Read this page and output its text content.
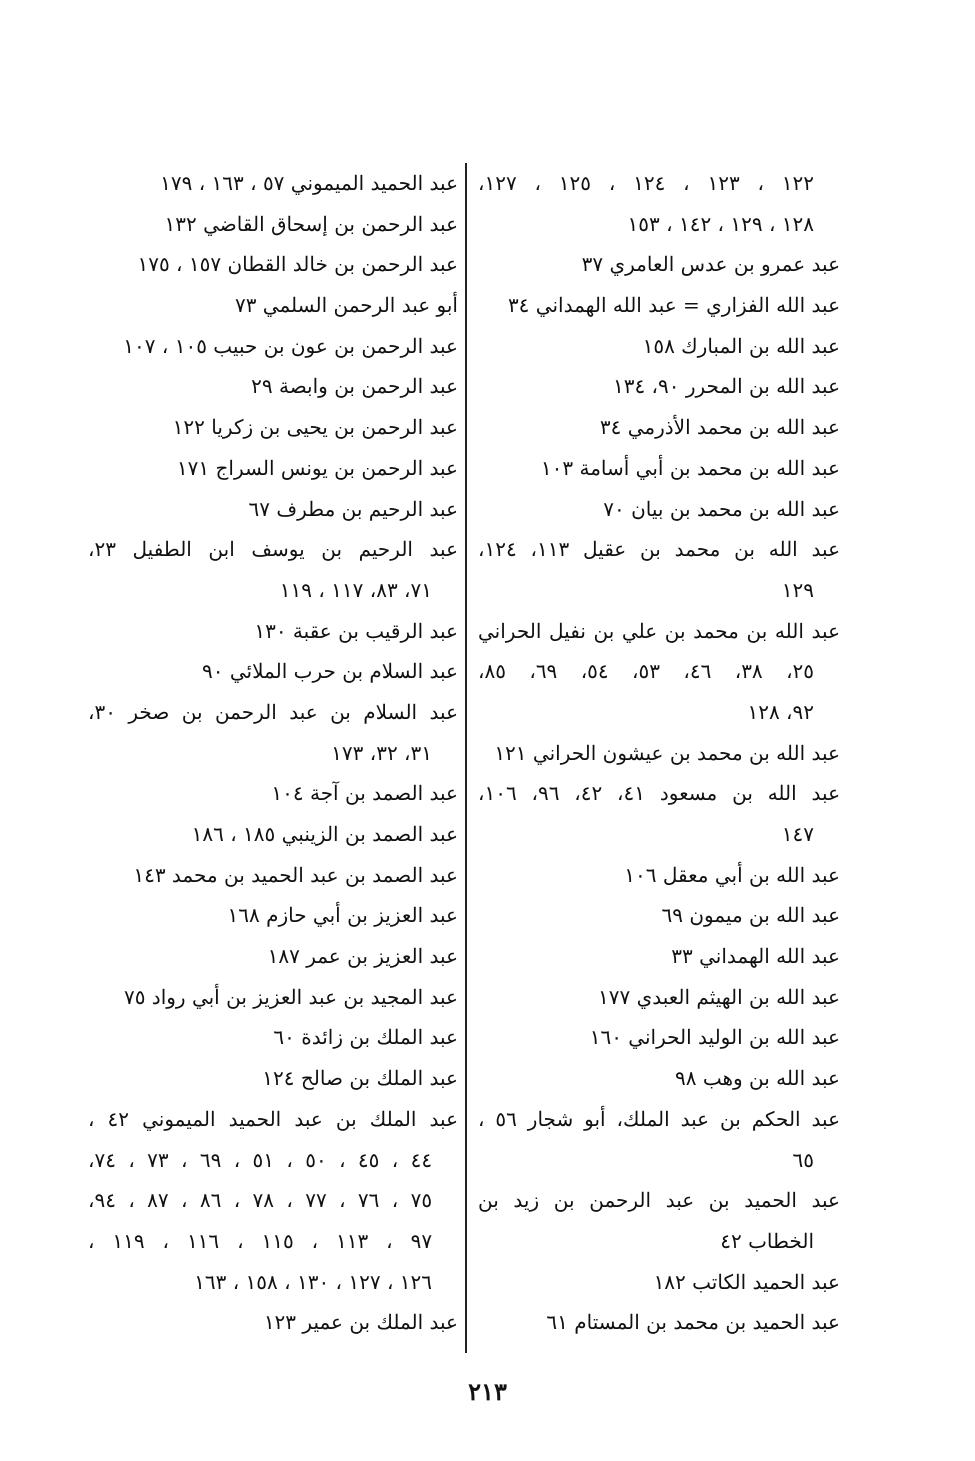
١٢٢ ، ١٢٣ ، ١٢٤ ، ١٢٥ ، ١٢٧،
١٢٨ ، ١٢٩ ، ١٤٢ ، ١٥٣
عبد عمرو بن عدس العامري ٣٧
عبد الله الفزاري = عبد الله الهمداني ٣٤
عبد الله بن المبارك ١٥٨
عبد الله بن المحرر ٩٠، ١٣٤
عبد الله بن محمد الأذرمي ٣٤
عبد الله بن محمد بن أبي أسامة ١٠٣
عبد الله بن محمد بن بيان ٧٠
عبد الله بن محمد بن عقيل ١١٣، ١٢٤،
١٢٩
عبد الله بن محمد بن علي بن نفيل الحراني
٢٥، ٣٨، ٤٦، ٥٣، ٥٤، ٦٩، ٨٥،
٩٢، ١٢٨
عبد الله بن محمد بن عيشون الحراني ١٢١
عبد الله بن مسعود ٤١، ٤٢، ٩٦، ١٠٦،
١٤٧
عبد الله بن أبي معقل ١٠٦
عبد الله بن ميمون ٦٩
عبد الله الهمداني ٣٣
عبد الله بن الهيثم العبدي ١٧٧
عبد الله بن الوليد الحراني ١٦٠
عبد الله بن وهب ٩٨
عبد الحكم بن عبد الملك، أبو شجار ٥٦ ،
٦٥
عبد الحميد بن عبد الرحمن بن زيد بن
الخطاب ٤٢
عبد الحميد الكاتب ١٨٢
عبد الحميد بن محمد بن المستام ٦١
عبد الحميد الميموني ٥٧ ، ١٦٣ ، ١٧٩
عبد الرحمن بن إسحاق القاضي ١٣٢
عبد الرحمن بن خالد القطان ١٥٧ ، ١٧٥
أبو عبد الرحمن السلمي ٧٣
عبد الرحمن بن عون بن حبيب ١٠٥ ، ١٠٧
عبد الرحمن بن وابصة ٢٩
عبد الرحمن بن يحيى بن زكريا ١٢٢
عبد الرحمن بن يونس السراج ١٧١
عبد الرحيم بن مطرف ٦٧
عبد الرحيم بن يوسف ابن الطفيل ٢٣،
٧١، ٨٣، ١١٧ ، ١١٩
عبد الرقيب بن عقبة ١٣٠
عبد السلام بن حرب الملائي ٩٠
عبد السلام بن عبد الرحمن بن صخر ٣٠،
٣١، ٣٢، ١٧٣
عبد الصمد بن آجة ١٠٤
عبد الصمد بن الزينبي ١٨٥ ، ١٨٦
عبد الصمد بن عبد الحميد بن محمد ١٤٣
عبد العزيز بن أبي حازم ١٦٨
عبد العزيز بن عمر ١٨٧
عبد المجيد بن عبد العزيز بن أبي رواد ٧٥
عبد الملك بن زائدة ٦٠
عبد الملك بن صالح ١٢٤
عبد الملك بن عبد الحميد الميموني ٤٢ ،
٤٤ ، ٤٥ ، ٥٠ ، ٥١ ، ٦٩ ، ٧٣ ، ٧٤،
٧٥ ، ٧٦ ، ٧٧ ، ٧٨ ، ٨٦ ، ٨٧ ، ٩٤،
٩٧ ، ١١٣ ، ١١٥ ، ١١٦ ، ١١٩ ،
١٢٦ ، ١٢٧ ، ١٣٠ ، ١٥٨ ، ١٦٣
عبد الملك بن عمير ١٢٣
٢١٣
